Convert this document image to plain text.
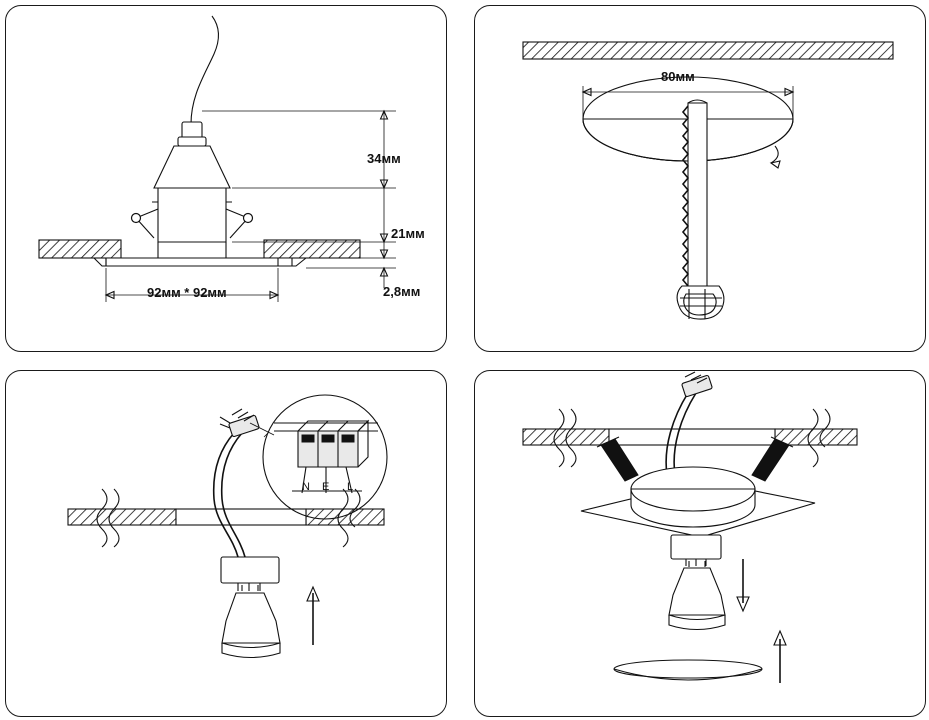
34мм
21мм
2,8мм
92мм * 92мм
80мм
N E L
